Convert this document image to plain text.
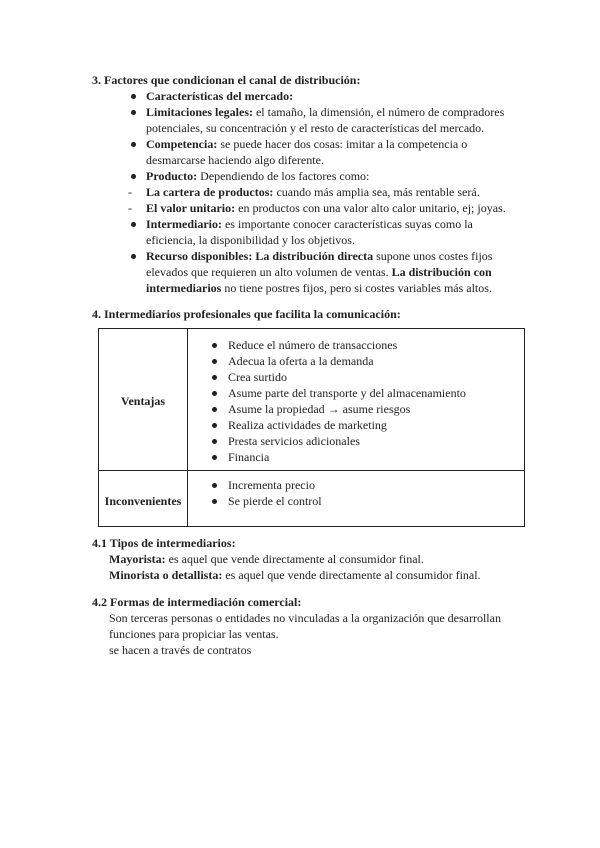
3. Factores que condicionan el canal de distribución:
Características del mercado:
Limitaciones legales: el tamaño, la dimensión, el número de compradores
potenciales, su concentración y el resto de características del mercado.
Competencia: se puede hacer dos cosas: imitar a la competencia o
desmarcarse haciendo algo diferente.
Producto: Dependiendo de los factores como:
- La cartera de productos: cuando más amplia sea, más rentable será.
- El valor unitario: en productos con una valor alto calor unitario, ej; joyas.
Intermediario: es importante conocer características suyas como la
eficiencia, la disponibilidad y los objetivos.
Recurso disponibles: La distribución directa supone unos costes fijos
elevados que requieren un alto volumen de ventas. La distribución con
intermediarios no tiene postres fijos, pero si costes variables más altos.
4. Intermediarios profesionales que facilita la comunicación:
Ventajas
Inconvenientes
Reduce el número de transacciones
Adecua la oferta a la demanda
Crea surtido
Asume parte del transporte y del almacenamiento
Asume la propiedad → asume riesgos
Realiza actividades de marketing
Presta servicios adicionales
Financia
Incrementa precio
Se pierde el control
4.1 Tipos de intermediarios:
Mayorista: es aquel que vende directamente al consumidor final.
Minorista o detallista: es aquel que vende directamente al consumidor final.
4.2 Formas de intermediación comercial:
Son terceras personas o entidades no vinculadas a la organización que desarrollan
funciones para propiciar las ventas.
se hacen a través de contratos
